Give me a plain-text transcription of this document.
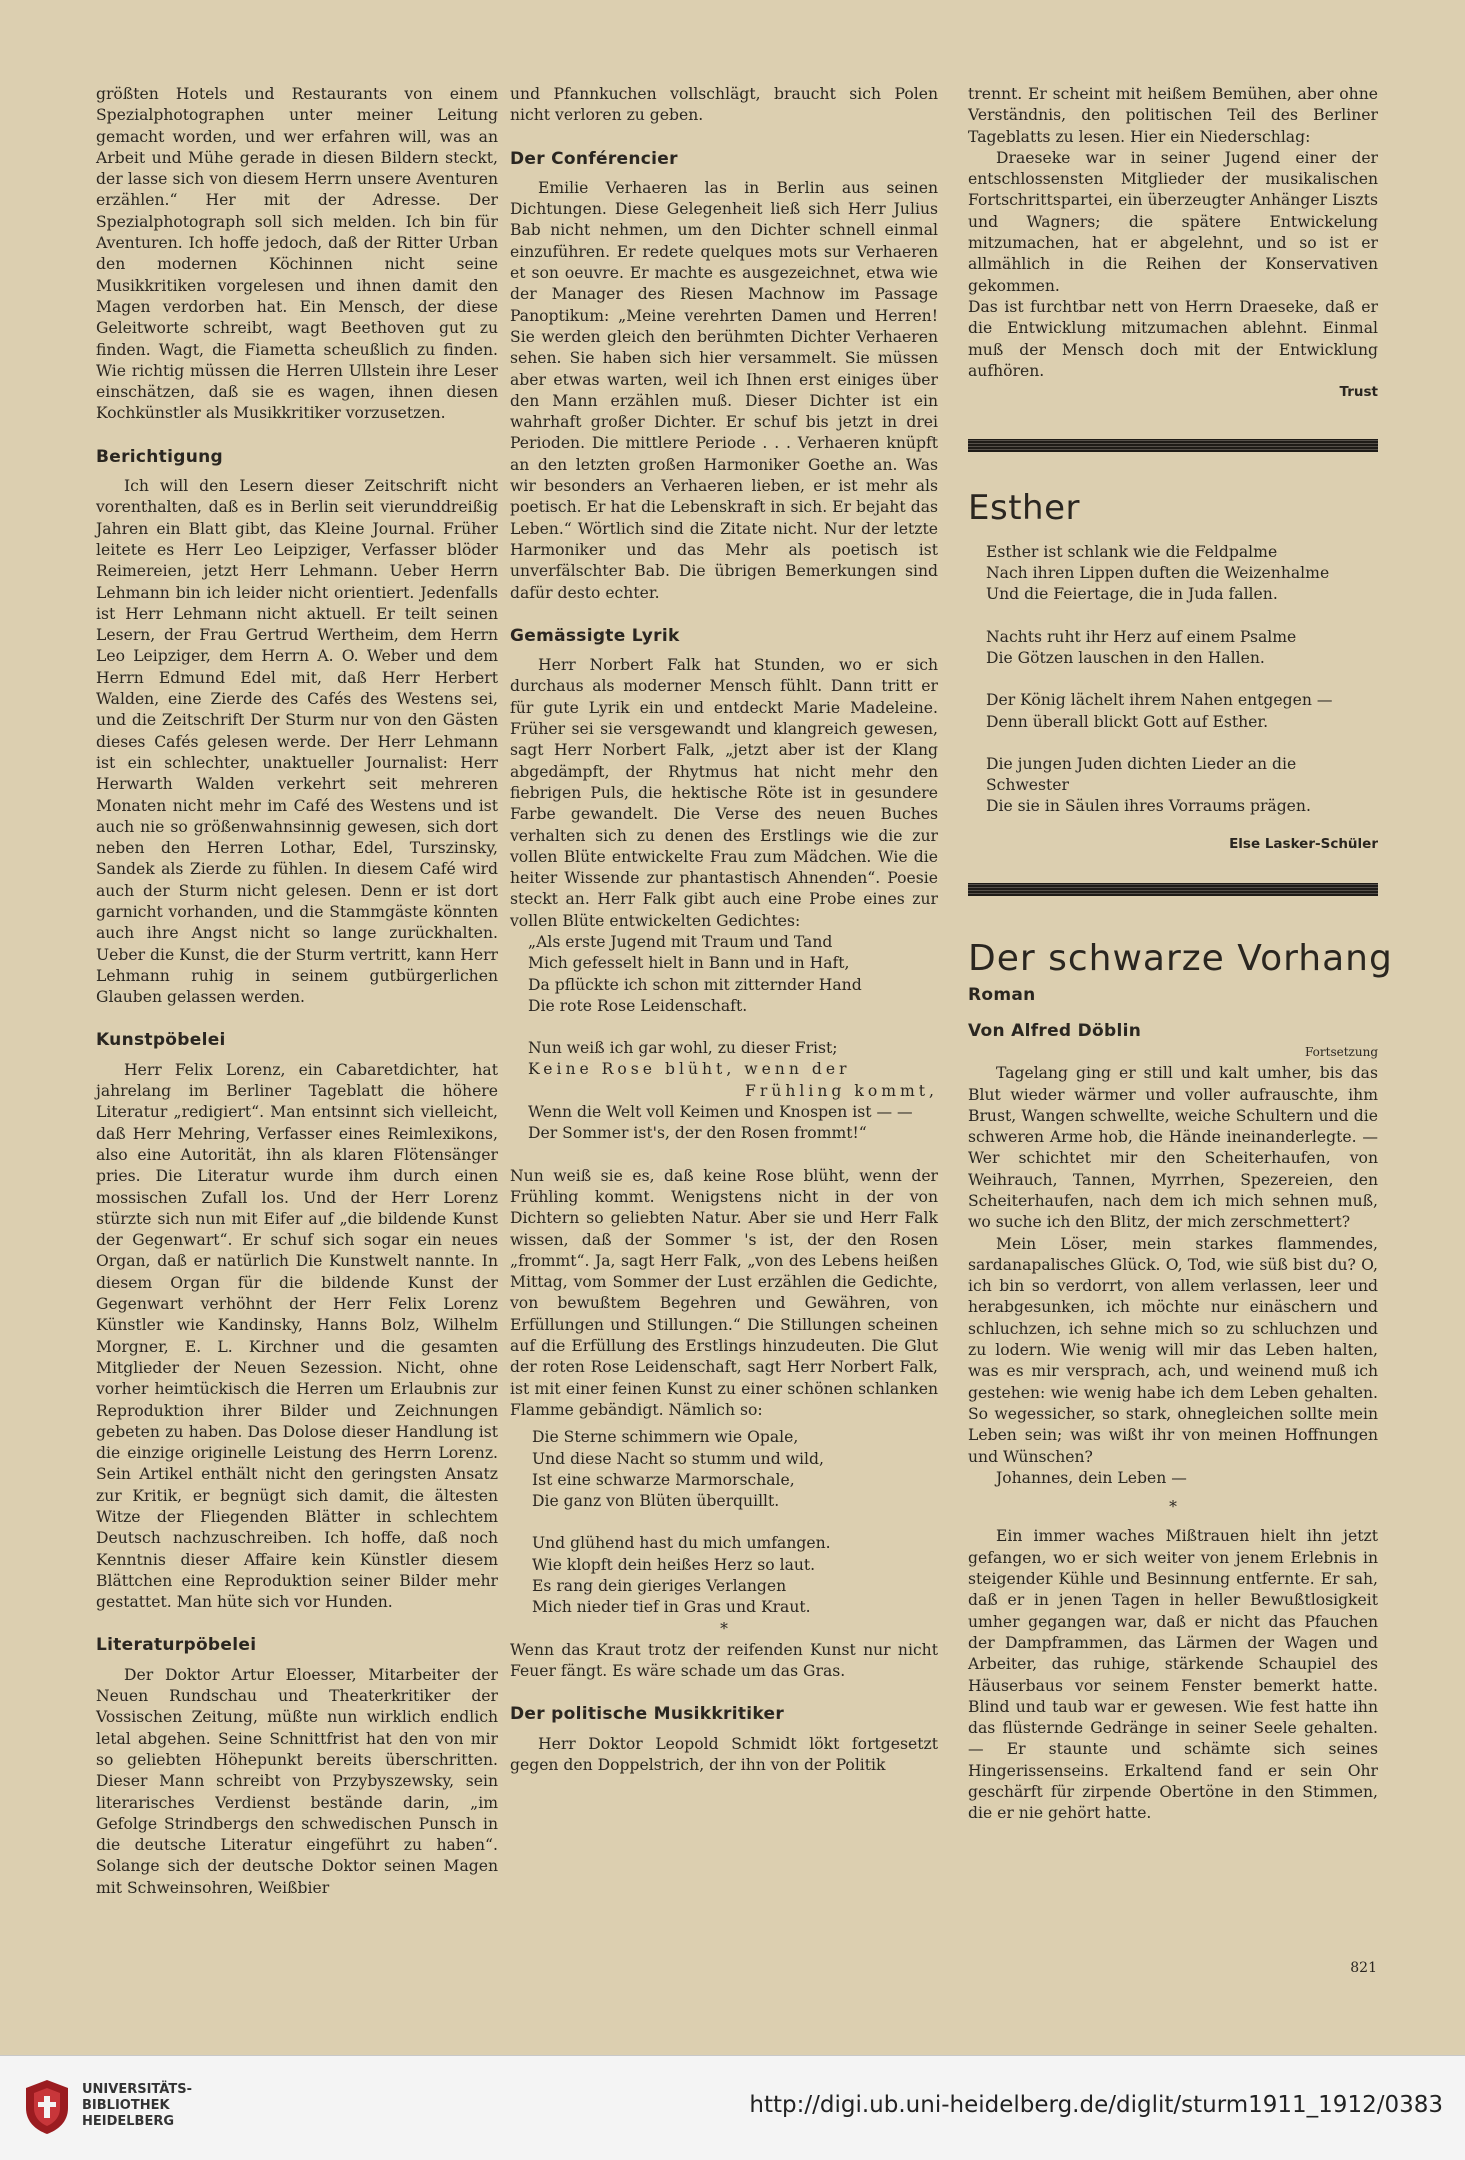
größten Hotels und Restaurants von einem Spezialphotographen unter meiner Leitung gemacht worden, und wer erfahren will, was an Arbeit und Mühe gerade in diesen Bildern steckt, der lasse sich von diesem Herrn unsere Aventuren erzählen.“ Her mit der Adresse. Der Spezialphotograph soll sich melden. Ich bin für Aventuren. Ich hoffe jedoch, daß der Ritter Urban den modernen Köchinnen nicht seine Musikkritiken vorgelesen und ihnen damit den Magen verdorben hat. Ein Mensch, der diese Geleitworte schreibt, wagt Beethoven gut zu finden. Wagt, die Fiametta scheußlich zu finden. Wie richtig müssen die Herren Ullstein ihre Leser einschätzen, daß sie es wagen, ihnen diesen Kochkünstler als Musikkritiker vorzusetzen.

Berichtigung

Ich will den Lesern dieser Zeitschrift nicht vorenthalten, daß es in Berlin seit vierunddreißig Jahren ein Blatt gibt, das Kleine Journal. Früher leitete es Herr Leo Leipziger, Verfasser blöder Reimereien, jetzt Herr Lehmann. Ueber Herrn Lehmann bin ich leider nicht orientiert. Jedenfalls ist Herr Lehmann nicht aktuell. Er teilt seinen Lesern, der Frau Gertrud Wertheim, dem Herrn Leo Leipziger, dem Herrn A. O. Weber und dem Herrn Edmund Edel mit, daß Herr Herbert Walden, eine Zierde des Cafés des Westens sei, und die Zeitschrift Der Sturm nur von den Gästen dieses Cafés gelesen werde. Der Herr Lehmann ist ein schlechter, unaktueller Journalist: Herr Herwarth Walden verkehrt seit mehreren Monaten nicht mehr im Café des Westens und ist auch nie so größenwahnsinnig gewesen, sich dort neben den Herren Lothar, Edel, Turszinsky, Sandek als Zierde zu fühlen. In diesem Café wird auch der Sturm nicht gelesen. Denn er ist dort garnicht vorhanden, und die Stammgäste könnten auch ihre Angst nicht so lange zurückhalten. Ueber die Kunst, die der Sturm vertritt, kann Herr Lehmann ruhig in seinem gutbürgerlichen Glauben gelassen werden.

Kunstpöbelei

Herr Felix Lorenz, ein Cabaretdichter, hat jahrelang im Berliner Tageblatt die höhere Literatur „redigiert“. Man entsinnt sich vielleicht, daß Herr Mehring, Verfasser eines Reimlexikons, also eine Autorität, ihn als klaren Flötensänger pries. Die Literatur wurde ihm durch einen mossischen Zufall los. Und der Herr Lorenz stürzte sich nun mit Eifer auf „die bildende Kunst der Gegenwart“. Er schuf sich sogar ein neues Organ, daß er natürlich Die Kunstwelt nannte. In diesem Organ für die bildende Kunst der Gegenwart verhöhnt der Herr Felix Lorenz Künstler wie Kandinsky, Hanns Bolz, Wilhelm Morgner, E. L. Kirchner und die gesamten Mitglieder der Neuen Sezession. Nicht, ohne vorher heimtückisch die Herren um Erlaubnis zur Reproduktion ihrer Bilder und Zeichnungen gebeten zu haben. Das Dolose dieser Handlung ist die einzige originelle Leistung des Herrn Lorenz. Sein Artikel enthält nicht den geringsten Ansatz zur Kritik, er begnügt sich damit, die ältesten Witze der Fliegenden Blätter in schlechtem Deutsch nachzuschreiben. Ich hoffe, daß noch Kenntnis dieser Affaire kein Künstler diesem Blättchen eine Reproduktion seiner Bilder mehr gestattet. Man hüte sich vor Hunden.

Literaturpöbelei

Der Doktor Artur Eloesser, Mitarbeiter der Neuen Rundschau und Theaterkritiker der Vossischen Zeitung, müßte nun wirklich endlich letal abgehen. Seine Schnittfrist hat den von mir so geliebten Höhepunkt bereits überschritten. Dieser Mann schreibt von Przybyszewsky, sein literarisches Verdienst bestände darin, „im Gefolge Strindbergs den schwedischen Punsch in die deutsche Literatur eingeführt zu haben“. Solange sich der deutsche Doktor seinen Magen mit Schweinsohren, Weißbier

und Pfannkuchen vollschlägt, braucht sich Polen nicht verloren zu geben.

Der Conférencier

Emilie Verhaeren las in Berlin aus seinen Dichtungen. Diese Gelegenheit ließ sich Herr Julius Bab nicht nehmen, um den Dichter schnell einmal einzuführen. Er redete quelques mots sur Verhaeren et son oeuvre. Er machte es ausgezeichnet, etwa wie der Manager des Riesen Machnow im Passage Panoptikum: „Meine verehrten Damen und Herren! Sie werden gleich den berühmten Dichter Verhaeren sehen. Sie haben sich hier versammelt. Sie müssen aber etwas warten, weil ich Ihnen erst einiges über den Mann erzählen muß. Dieser Dichter ist ein wahrhaft großer Dichter. Er schuf bis jetzt in drei Perioden. Die mittlere Periode . . . Verhaeren knüpft an den letzten großen Harmoniker Goethe an. Was wir besonders an Verhaeren lieben, er ist mehr als poetisch. Er hat die Lebenskraft in sich. Er bejaht das Leben.“ Wörtlich sind die Zitate nicht. Nur der letzte Harmoniker und das Mehr als poetisch ist unverfälschter Bab. Die übrigen Bemerkungen sind dafür desto echter.

Gemässigte Lyrik

Herr Norbert Falk hat Stunden, wo er sich durchaus als moderner Mensch fühlt. Dann tritt er für gute Lyrik ein und entdeckt Marie Madeleine. Früher sei sie versgewandt und klangreich gewesen, sagt Herr Norbert Falk, „jetzt aber ist der Klang abgedämpft, der Rhytmus hat nicht mehr den fiebrigen Puls, die hektische Röte ist in gesundere Farbe gewandelt. Die Verse des neuen Buches verhalten sich zu denen des Erstlings wie die zur vollen Blüte entwickelte Frau zum Mädchen. Wie die heiter Wissende zur phantastisch Ahnenden“. Poesie steckt an. Herr Falk gibt auch eine Probe eines zur vollen Blüte entwickelten Gedichtes:

„Als erste Jugend mit Traum und Tand

Mich gefesselt hielt in Bann und in Haft,

Da pflückte ich schon mit zitternder Hand

Die rote Rose Leidenschaft.

Nun weiß ich gar wohl, zu dieser Frist;

Keine Rose blüht, wenn der

Frühling kommt,

Wenn die Welt voll Keimen und Knospen ist — —

Der Sommer ist's, der den Rosen frommt!“

Nun weiß sie es, daß keine Rose blüht, wenn der Frühling kommt. Wenigstens nicht in der von Dichtern so geliebten Natur. Aber sie und Herr Falk wissen, daß der Sommer 's ist, der den Rosen „frommt“. Ja, sagt Herr Falk, „von des Lebens heißen Mittag, vom Sommer der Lust erzählen die Gedichte, von bewußtem Begehren und Gewähren, von Erfüllungen und Stillungen.“ Die Stillungen scheinen auf die Erfüllung des Erstlings hinzudeuten. Die Glut der roten Rose Leidenschaft, sagt Herr Norbert Falk, ist mit einer feinen Kunst zu einer schönen schlanken Flamme gebändigt. Nämlich so:

Die Sterne schimmern wie Opale,

Und diese Nacht so stumm und wild,

Ist eine schwarze Marmorschale,

Die ganz von Blüten überquillt.

Und glühend hast du mich umfangen.

Wie klopft dein heißes Herz so laut.

Es rang dein gieriges Verlangen

Mich nieder tief in Gras und Kraut.

*

Wenn das Kraut trotz der reifenden Kunst nur nicht Feuer fängt. Es wäre schade um das Gras.

Der politische Musikkritiker

Herr Doktor Leopold Schmidt lökt fortgesetzt gegen den Doppelstrich, der ihn von der Politik

trennt. Er scheint mit heißem Bemühen, aber ohne Verständnis, den politischen Teil des Berliner Tageblatts zu lesen. Hier ein Niederschlag:

Draeseke war in seiner Jugend einer der entschlossensten Mitglieder der musikalischen Fortschrittspartei, ein überzeugter Anhänger Liszts und Wagners; die spätere Entwickelung mitzumachen, hat er abgelehnt, und so ist er allmählich in die Reihen der Konservativen gekommen.

Das ist furchtbar nett von Herrn Draeseke, daß er die Entwicklung mitzumachen ablehnt. Einmal muß der Mensch doch mit der Entwicklung aufhören.

Trust

Esther

Esther ist schlank wie die Feldpalme

Nach ihren Lippen duften die Weizenhalme

Und die Feiertage, die in Juda fallen.

Nachts ruht ihr Herz auf einem Psalme

Die Götzen lauschen in den Hallen.

Der König lächelt ihrem Nahen entgegen —

Denn überall blickt Gott auf Esther.

Die jungen Juden dichten Lieder an die Schwester

Die sie in Säulen ihres Vorraums prägen.

Else Lasker-Schüler

Der schwarze Vorhang
Roman
Von Alfred Döblin

Fortsetzung

Tagelang ging er still und kalt umher, bis das Blut wieder wärmer und voller aufrauschte, ihm Brust, Wangen schwellte, weiche Schultern und die schweren Arme hob, die Hände ineinanderlegte. — Wer schichtet mir den Scheiterhaufen, von Weihrauch, Tannen, Myrrhen, Spezereien, den Scheiterhaufen, nach dem ich mich sehnen muß, wo suche ich den Blitz, der mich zerschmettert?

Mein Löser, mein starkes flammendes, sardanapalisches Glück. O, Tod, wie süß bist du? O, ich bin so verdorrt, von allem verlassen, leer und herabgesunken, ich möchte nur einäschern und schluchzen, ich sehne mich so zu schluchzen und zu lodern. Wie wenig will mir das Leben halten, was es mir versprach, ach, und weinend muß ich gestehen: wie wenig habe ich dem Leben gehalten. So wegessicher, so stark, ohnegleichen sollte mein Leben sein; was wißt ihr von meinen Hoffnungen und Wünschen?

Johannes, dein Leben —

*

Ein immer waches Mißtrauen hielt ihn jetzt gefangen, wo er sich weiter von jenem Erlebnis in steigender Kühle und Besinnung entfernte. Er sah, daß er in jenen Tagen in heller Bewußtlosigkeit umher gegangen war, daß er nicht das Pfauchen der Dampframmen, das Lärmen der Wagen und Arbeiter, das ruhige, stärkende Schaupiel des Häuserbaus vor seinem Fenster bemerkt hatte. Blind und taub war er gewesen. Wie fest hatte ihn das flüsternde Gedränge in seiner Seele gehalten. — Er staunte und schämte sich seines Hingerissenseins. Erkaltend fand er sein Ohr geschärft für zirpende Obertöne in den Stimmen, die er nie gehört hatte.

821
UNIVERSITÄTS-
BIBLIOTHEK
HEIDELBERG
http://digi.ub.uni-heidelberg.de/diglit/sturm1911_1912/0383
